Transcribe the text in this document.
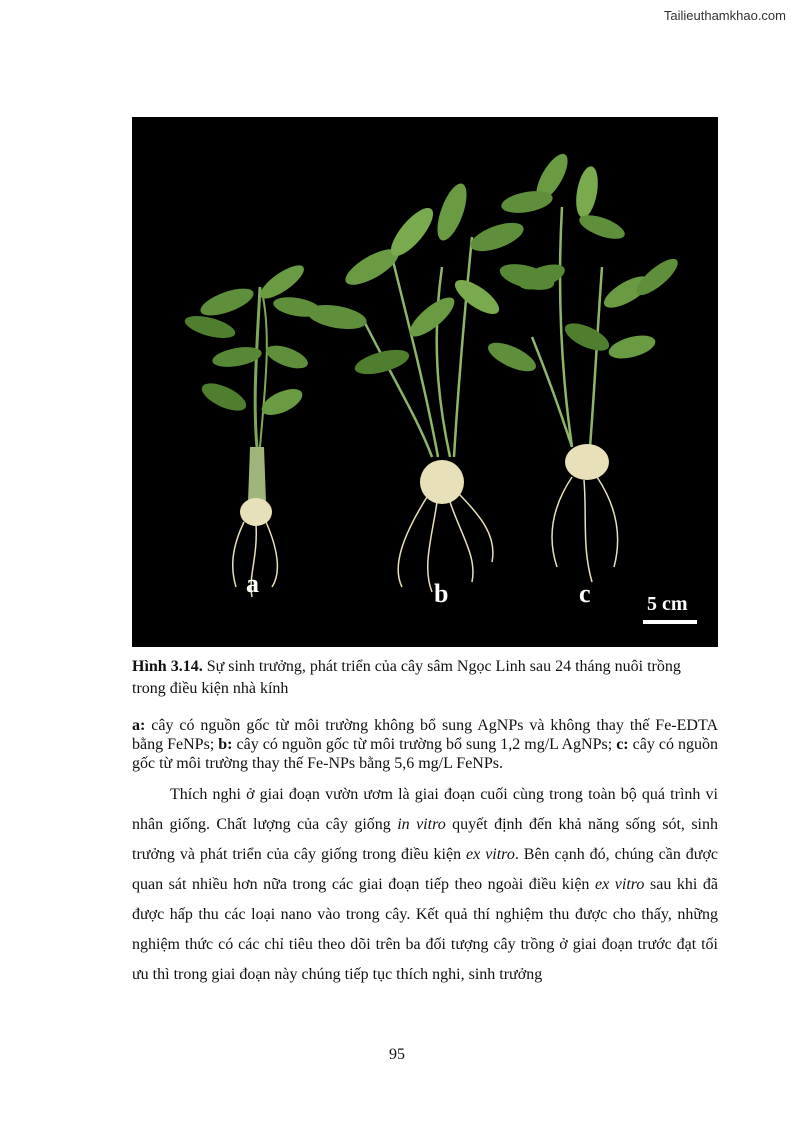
Tailieuthamkhao.com
a	b	c	5 cm
Hình 3.14. Sự sinh trưởng, phát triển của cây sâm Ngọc Linh sau 24 tháng nuôi trồng trong điều kiện nhà kính
a: cây có nguồn gốc từ môi trường không bổ sung AgNPs và không thay thế Fe-EDTA bằng FeNPs; b: cây có nguồn gốc từ môi trường bổ sung 1,2 mg/L AgNPs; c: cây có nguồn gốc từ môi trường thay thế Fe-NPs bằng 5,6 mg/L FeNPs.

Thích nghi ở giai đoạn vườn ươm là giai đoạn cuối cùng trong toàn bộ quá trình vi nhân giống. Chất lượng của cây giống in vitro quyết định đến khả năng sống sót, sinh trưởng và phát triển của cây giống trong điều kiện ex vitro. Bên cạnh đó, chúng cần được quan sát nhiều hơn nữa trong các giai đoạn tiếp theo ngoài điều kiện ex vitro sau khi đã được hấp thu các loại nano vào trong cây. Kết quả thí nghiệm thu được cho thấy, những nghiệm thức có các chỉ tiêu theo dõi trên ba đối tượng cây trồng ở giai đoạn trước đạt tối ưu thì trong giai đoạn này chúng tiếp tục thích nghi, sinh trưởng

95
